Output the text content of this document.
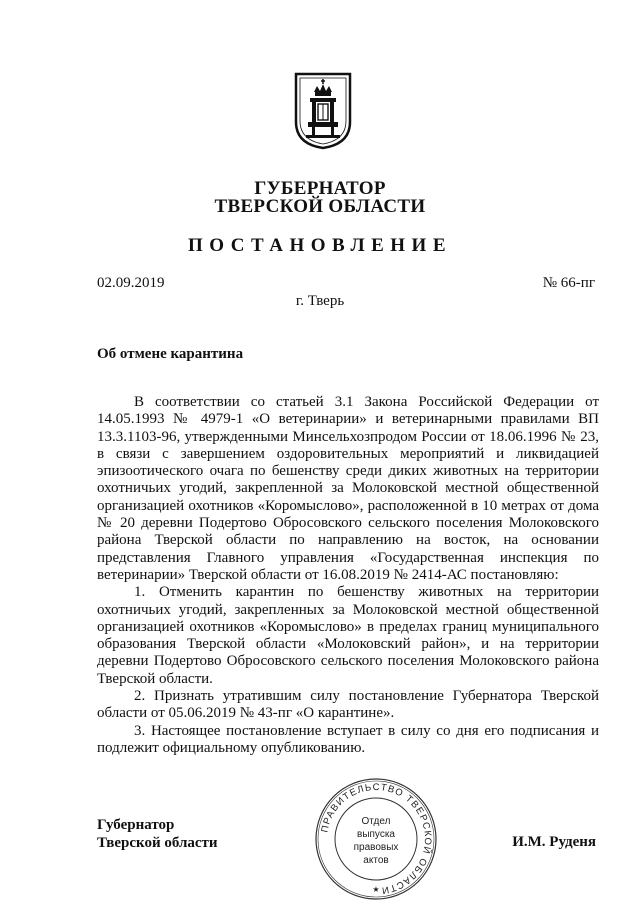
ГУБЕРНАТОР
ТВЕРСКОЙ ОБЛАСТИ
ПОСТАНОВЛЕНИЕ
02.09.2019	№ 66-пг
г. Тверь
Об отмене карантина

В соответствии со статьей 3.1 Закона Российской Федерации от 14.05.1993 № 4979-1 «О ветеринарии» и ветеринарными правилами ВП 13.3.1103-96, утвержденными Минсельхозпродом России от 18.06.1996 № 23, в связи с завершением оздоровительных мероприятий и ликвидацией эпизоотического очага по бешенству среди диких животных на территории охотничьих угодий, закрепленной за Молоковской местной общественной организацией охотников «Коромыслово», расположенной в 10 метрах от дома № 20 деревни Подертово Обросовского сельского поселения Молоковского района Тверской области по направлению на восток, на основании представления Главного управления «Государственная инспекция по ветеринарии» Тверской области от 16.08.2019 № 2414-АС постановляю:

1. Отменить карантин по бешенству животных на территории охотничьих угодий, закрепленных за Молоковской местной общественной организацией охотников «Коромыслово» в пределах границ муниципального образования Тверской области «Молоковский район», и на территории деревни Подертово Обросовского сельского поселения Молоковского района Тверской области.

2. Признать утратившим силу постановление Губернатора Тверской области от 05.06.2019 № 43-пг «О карантине».

3. Настоящее постановление вступает в силу со дня его подписания и подлежит официальному опубликованию.

Губернатор
Тверской области	И.М. Руденя
ПРАВИТЕЛЬСТВО ТВЕРСКОЙ ОБЛАСТИ
Отдел
выпуска
правовых
актов
★
